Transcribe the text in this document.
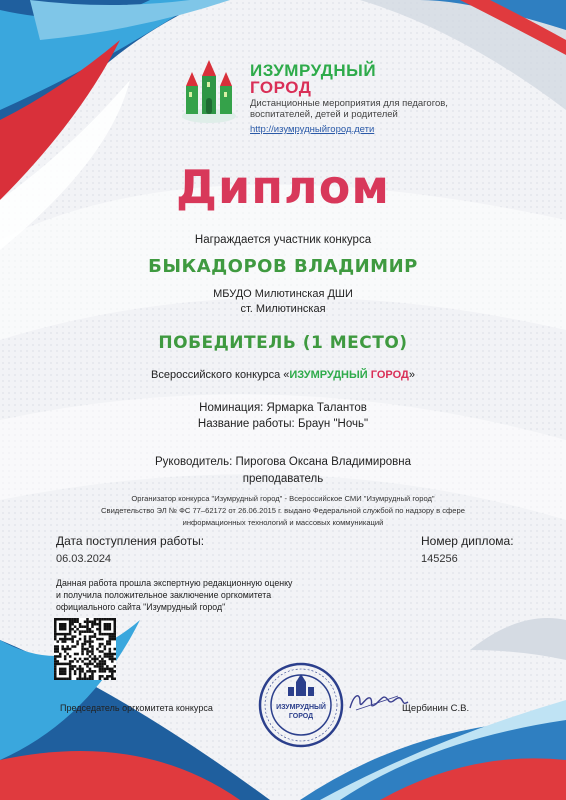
ИЗУМРУДНЫЙ
ГОРОД
Дистанционные мероприятия для педагогов,
воспитателей, детей и родителей
http://изумрудныйгород.дети
Диплом
Награждается участник конкурса
БЫКАДОРОВ ВЛАДИМИР
МБУДО Милютинская ДШИ
ст. Милютинская
ПОБЕДИТЕЛЬ (1 МЕСТО)
Всероссийского конкурса «ИЗУМРУДНЫЙ ГОРОД»
Номинация: Ярмарка Талантов
Название работы: Браун "Ночь"
Руководитель: Пирогова Оксана Владимировна
преподаватель
Организатор конкурса "Изумрудный город" - Всероссийское СМИ "Изумрудный город"
Свидетельство ЭЛ № ФС 77–62172 от 26.06.2015 г. выдано Федеральной службой по надзору в сфере
информационных технологий и массовых коммуникаций
Дата поступления работы:
06.03.2024
Номер диплома:
145256
Данная работа прошла экспертную редакционную оценку
и получила положительное заключение оргкомитета
официального сайта "Изумрудный город"
Председатель оргкомитета конкурса	ИЗУМРУДНЫЙ
ГОРОД
Щербинин С.В.
